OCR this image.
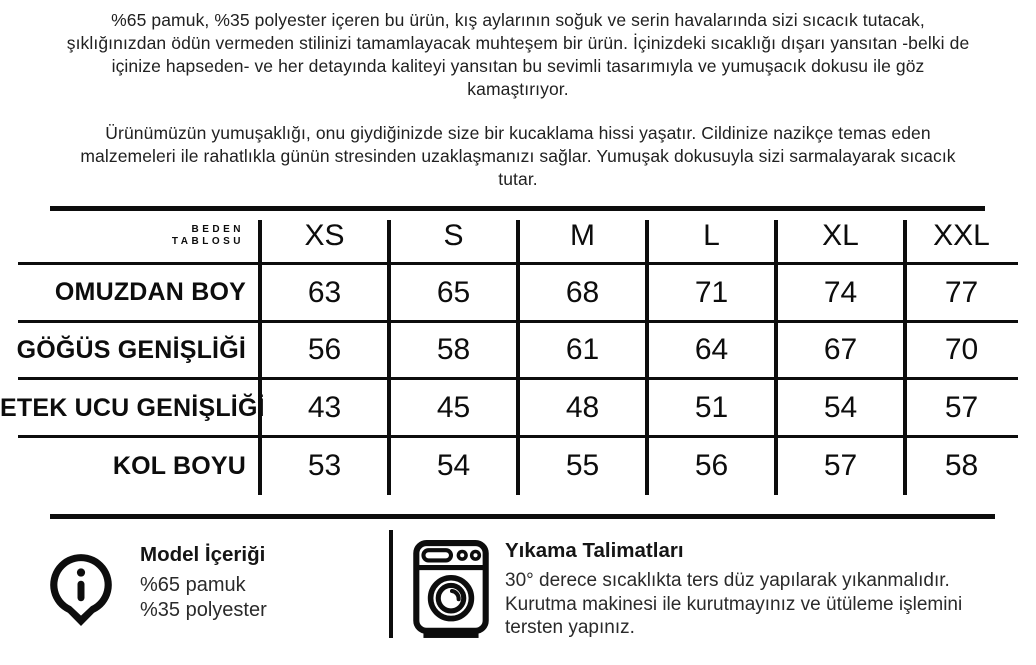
%65 pamuk, %35 polyester içeren bu ürün, kış aylarının soğuk ve serin havalarında sizi sıcacık tutacak, şıklığınızdan ödün vermeden stilinizi tamamlayacak muhteşem bir ürün. İçinizdeki sıcaklığı dışarı yansıtan -belki de içinize hapseden- ve her detayında kaliteyi yansıtan bu sevimli tasarımıyla ve yumuşacık dokusu ile göz kamaştırıyor.
Ürünümüzün yumuşaklığı, onu giydiğinizde size bir kucaklama hissi yaşatır. Cildinize nazikçe temas eden malzemeleri ile rahatlıkla günün stresinden uzaklaşmanızı sağlar. Yumuşak dokusuyla sizi sarmalayarak sıcacık tutar.
BEDEN
TABLOSU	XS	S	M	L	XL	XXL
OMUZDAN BOY	63	65	68	71	74	77
GÖĞÜS GENİŞLİĞİ	56	58	61	64	67	70
ETEK UCU GENİŞLİĞİ	43	45	48	51	54	57
KOL BOYU	53	54	55	56	57	58
Model İçeriği
%65 pamuk
%35 polyester
Yıkama Talimatları
30° derece sıcaklıkta ters düz yapılarak yıkanmalıdır. Kurutma makinesi ile kurutmayınız ve ütüleme işlemini tersten yapınız.
